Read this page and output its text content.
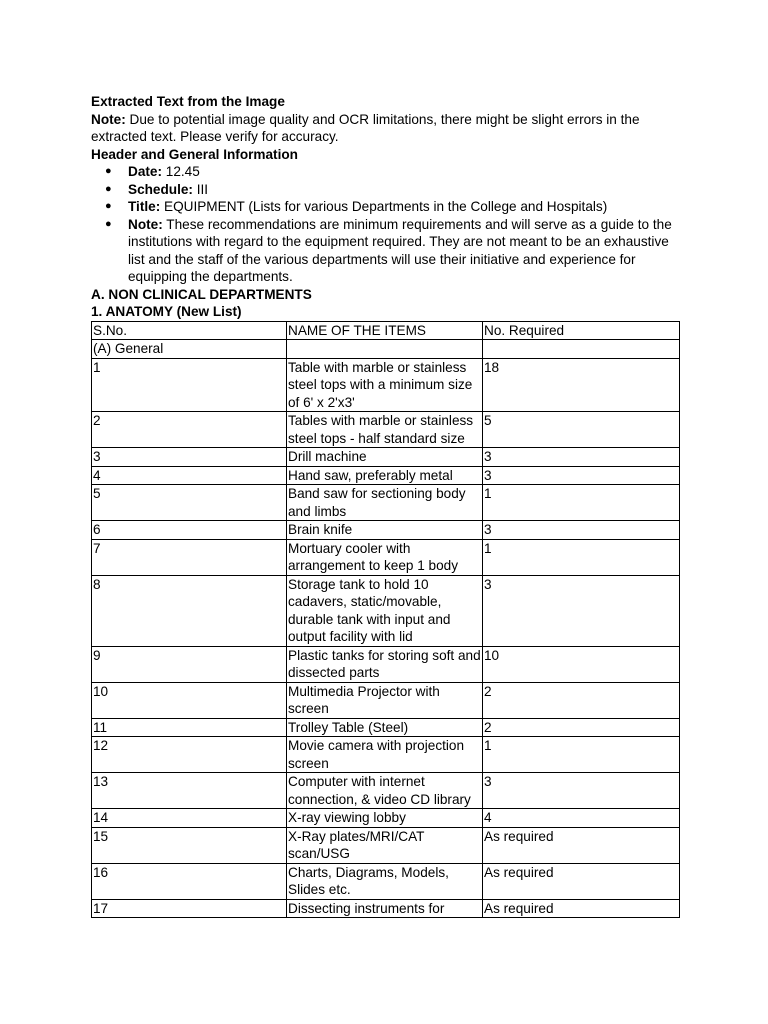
Extracted Text from the Image

Note: Due to potential image quality and OCR limitations, there might be slight errors in the extracted text. Please verify for accuracy.

Header and General Information

● Date: 12.45
● Schedule: III
● Title: EQUIPMENT (Lists for various Departments in the College and Hospitals)
● Note: These recommendations are minimum requirements and will serve as a guide to the institutions with regard to the equipment required. They are not meant to be an exhaustive list and the staff of the various departments will use their initiative and experience for equipping the departments.

A. NON CLINICAL DEPARTMENTS

1. ANATOMY (New List)

S.No.	NAME OF THE ITEMS	No. Required
(A) General		
1	Table with marble or stainless steel tops with a minimum size of 6' x 2'x3'	18
2	Tables with marble or stainless steel tops - half standard size	5
3	Drill machine	3
4	Hand saw, preferably metal	3
5	Band saw for sectioning body and limbs	1
6	Brain knife	3
7	Mortuary cooler with arrangement to keep 1 body	1
8	Storage tank to hold 10 cadavers, static/movable, durable tank with input and output facility with lid	3
9	Plastic tanks for storing soft and dissected parts	10
10	Multimedia Projector with screen	2
11	Trolley Table (Steel)	2
12	Movie camera with projection screen	1
13	Computer with internet connection, & video CD library	3
14	X-ray viewing lobby	4
15	X-Ray plates/MRI/CAT scan/USG	As required
16	Charts, Diagrams, Models, Slides etc.	As required
17	Dissecting instruments for	As required
